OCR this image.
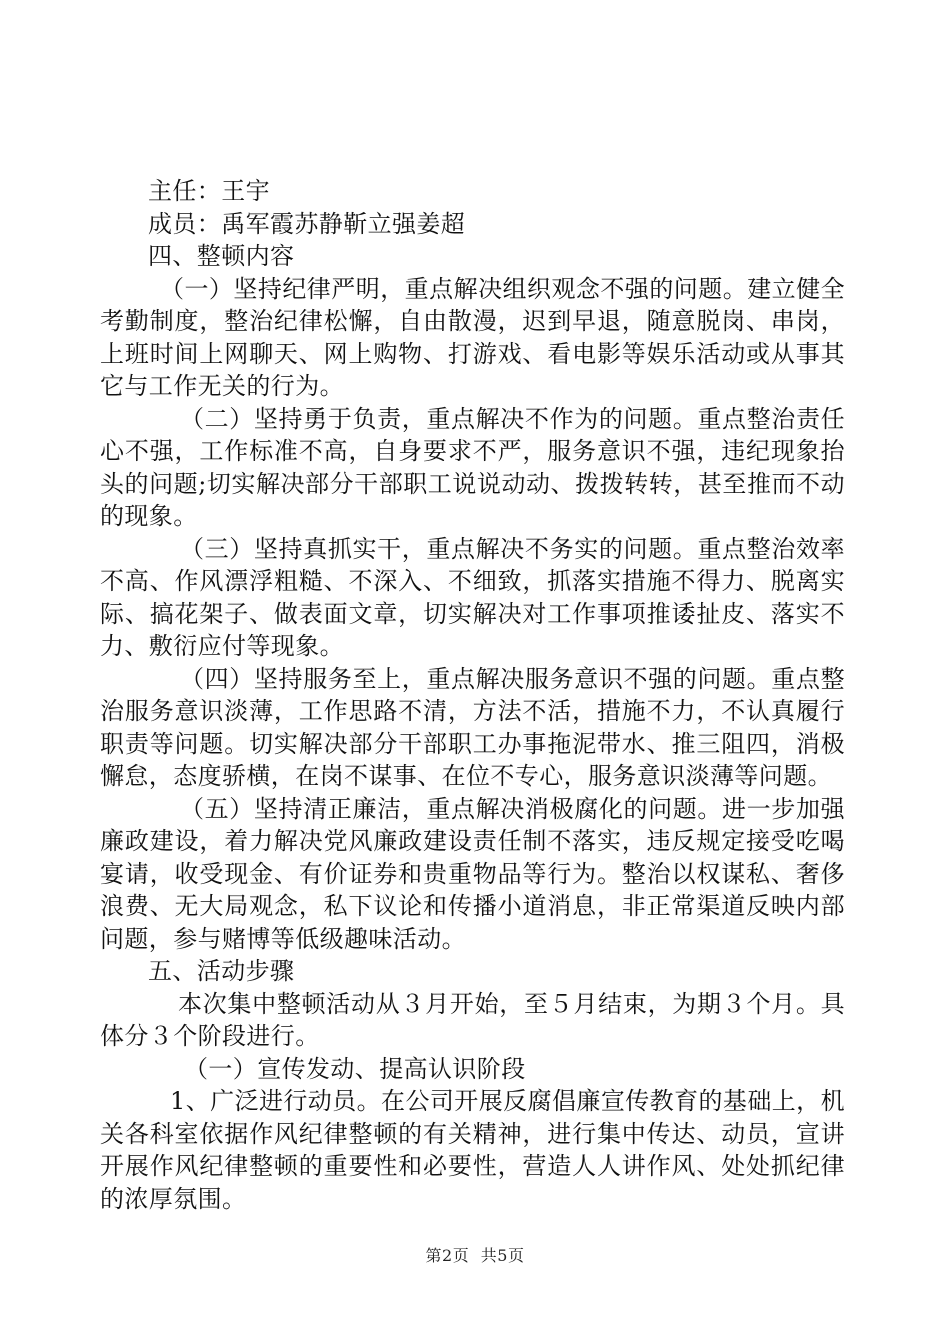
主任：王宇

成员：禹军霞苏静靳立强姜超

四、整顿内容

（一）坚持纪律严明，重点解决组织观念不强的问题。建立健全考勤制度，整治纪律松懈，自由散漫，迟到早退，随意脱岗、串岗，上班时间上网聊天、网上购物、打游戏、看电影等娱乐活动或从事其它与工作无关的行为。

（二）坚持勇于负责，重点解决不作为的问题。重点整治责任心不强，工作标准不高，自身要求不严，服务意识不强，违纪现象抬头的问题;切实解决部分干部职工说说动动、拨拨转转，甚至推而不动的现象。

（三）坚持真抓实干，重点解决不务实的问题。重点整治效率不高、作风漂浮粗糙、不深入、不细致，抓落实措施不得力、脱离实际、搞花架子、做表面文章，切实解决对工作事项推诿扯皮、落实不力、敷衍应付等现象。

（四）坚持服务至上，重点解决服务意识不强的问题。重点整治服务意识淡薄，工作思路不清，方法不活，措施不力，不认真履行职责等问题。切实解决部分干部职工办事拖泥带水、推三阻四，消极懈怠，态度骄横，在岗不谋事、在位不专心，服务意识淡薄等问题。

（五）坚持清正廉洁，重点解决消极腐化的问题。进一步加强廉政建设，着力解决党风廉政建设责任制不落实，违反规定接受吃喝宴请，收受现金、有价证券和贵重物品等行为。整治以权谋私、奢侈浪费、无大局观念，私下议论和传播小道消息，非正常渠道反映内部问题，参与赌博等低级趣味活动。

五、活动步骤

本次集中整顿活动从３月开始，至５月结束，为期３个月。具体分３个阶段进行。

（一）宣传发动、提高认识阶段

1、广泛进行动员。在公司开展反腐倡廉宣传教育的基础上，机关各科室依据作风纪律整顿的有关精神，进行集中传达、动员，宣讲开展作风纪律整顿的重要性和必要性，营造人人讲作风、处处抓纪律的浓厚氛围。

第2页 共5页
